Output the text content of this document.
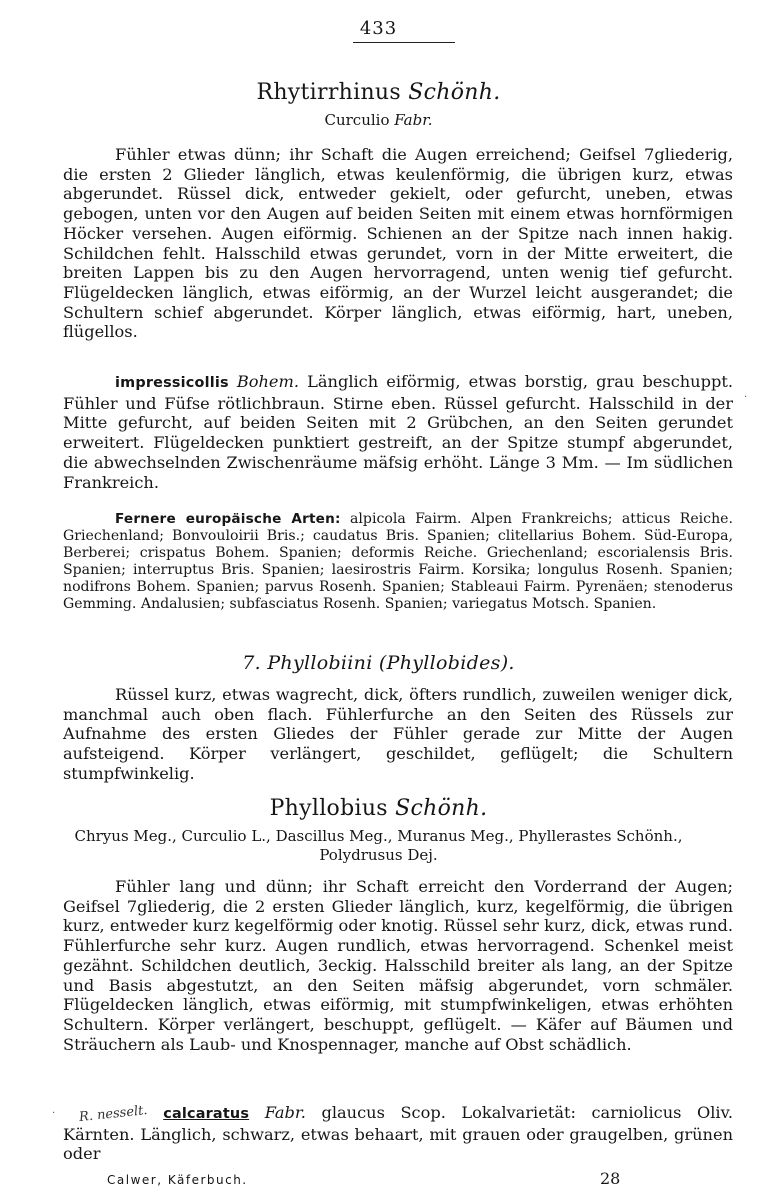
433
Rhytirrhinus Schönh.
Curculio Fabr.
Fühler etwas dünn; ihr Schaft die Augen erreichend; Geifsel 7gliederig, die ersten 2 Glieder länglich, etwas keulenförmig, die übrigen kurz, etwas abgerundet. Rüssel dick, entweder gekielt, oder gefurcht, uneben, etwas gebogen, unten vor den Augen auf beiden Seiten mit einem etwas hornförmigen Höcker versehen. Augen eiförmig. Schienen an der Spitze nach innen hakig. Schildchen fehlt. Halsschild etwas gerundet, vorn in der Mitte erweitert, die breiten Lappen bis zu den Augen hervorragend, unten wenig tief gefurcht. Flügeldecken länglich, etwas eiförmig, an der Wurzel leicht ausgerandet; die Schultern schief abgerundet. Körper länglich, etwas eiförmig, hart, uneben, flügellos.
impressicollis Bohem. Länglich eiförmig, etwas borstig, grau beschuppt. Fühler und Füfse rötlichbraun. Stirne eben. Rüssel gefurcht. Halsschild in der Mitte gefurcht, auf beiden Seiten mit 2 Grübchen, an den Seiten gerundet erweitert. Flügeldecken punktiert gestreift, an der Spitze stumpf abgerundet, die abwechselnden Zwischenräume mäfsig erhöht. Länge 3 Mm. — Im südlichen Frankreich.
Fernere europäische Arten: alpicola Fairm. Alpen Frankreichs; atticus Reiche. Griechenland; Bonvouloirii Bris.; caudatus Bris. Spanien; clitellarius Bohem. Süd-Europa, Berberei; crispatus Bohem. Spanien; deformis Reiche. Griechenland; escorialensis Bris. Spanien; interruptus Bris. Spanien; laesirostris Fairm. Korsika; longulus Rosenh. Spanien; nodifrons Bohem. Spanien; parvus Rosenh. Spanien; Stableaui Fairm. Pyrenäen; stenoderus Gemming. Andalusien; subfasciatus Rosenh. Spanien; variegatus Motsch. Spanien.
7. Phyllobiini (Phyllobides).
Rüssel kurz, etwas wagrecht, dick, öfters rundlich, zuweilen weniger dick, manchmal auch oben flach. Fühlerfurche an den Seiten des Rüssels zur Aufnahme des ersten Gliedes der Fühler gerade zur Mitte der Augen aufsteigend. Körper verlängert, geschildet, geflügelt; die Schultern stumpfwinkelig.
Phyllobius Schönh.
Chryus Meg., Curculio L., Dascillus Meg., Muranus Meg., Phyllerastes Schönh.,
Polydrusus Dej.
Fühler lang und dünn; ihr Schaft erreicht den Vorderrand der Augen; Geifsel 7gliederig, die 2 ersten Glieder länglich, kurz, kegelförmig, die übrigen kurz, entweder kurz kegelförmig oder knotig. Rüssel sehr kurz, dick, etwas rund. Fühlerfurche sehr kurz. Augen rundlich, etwas hervorragend. Schenkel meist gezähnt. Schildchen deutlich, 3eckig. Halsschild breiter als lang, an der Spitze und Basis abgestutzt, an den Seiten mäfsig abgerundet, vorn schmäler. Flügeldecken länglich, etwas eiförmig, mit stumpfwinkeligen, etwas erhöhten Schultern. Körper verlängert, beschuppt, geflügelt. — Käfer auf Bäumen und Sträuchern als Laub- und Knospennager, manche auf Obst schädlich.
R. nesselt. calcaratus Fabr. glaucus Scop. Lokalvarietät: carniolicus Oliv. Kärnten. Länglich, schwarz, etwas behaart, mit grauen oder graugelben, grünen oder
Calwer, Käferbuch.	28
·
·
